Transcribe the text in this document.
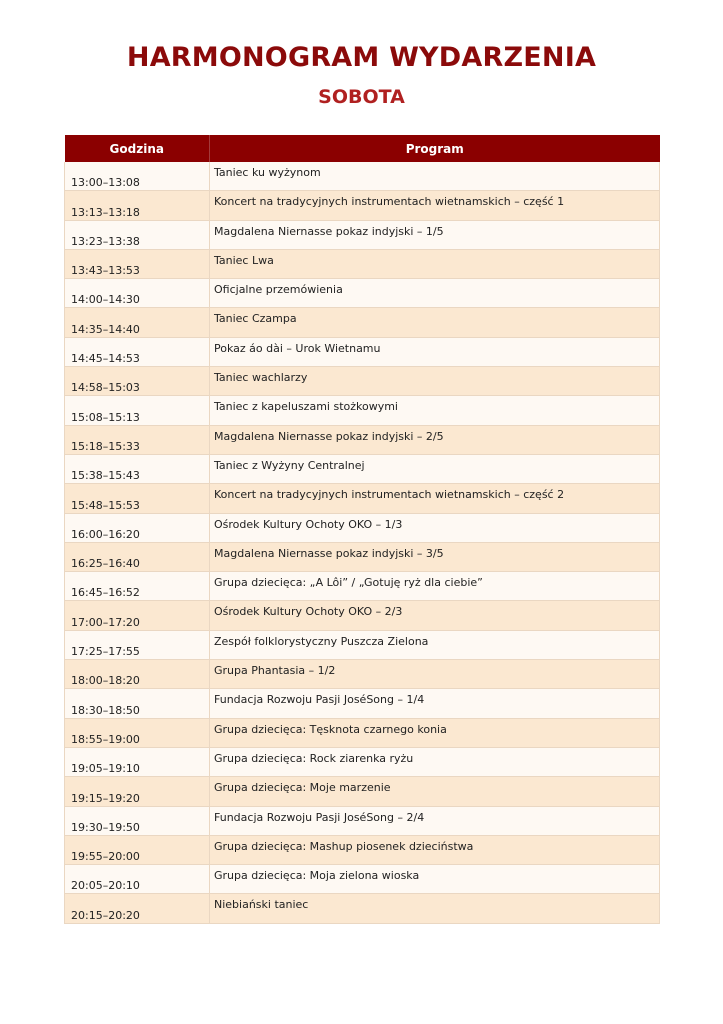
HARMONOGRAM WYDARZENIA
SOBOTA
Godzina	Program
13:00–13:08	Taniec ku wyżynom
13:13–13:18	Koncert na tradycyjnych instrumentach wietnamskich – część 1
13:23–13:38	Magdalena Niernasse pokaz indyjski – 1/5
13:43–13:53	Taniec Lwa
14:00–14:30	Oficjalne przemówienia
14:35–14:40	Taniec Czampa
14:45–14:53	Pokaz áo dài – Urok Wietnamu
14:58–15:03	Taniec wachlarzy
15:08–15:13	Taniec z kapeluszami stożkowymi
15:18–15:33	Magdalena Niernasse pokaz indyjski – 2/5
15:38–15:43	Taniec z Wyżyny Centralnej
15:48–15:53	Koncert na tradycyjnych instrumentach wietnamskich – część 2
16:00–16:20	Ośrodek Kultury Ochoty OKO – 1/3
16:25–16:40	Magdalena Niernasse pokaz indyjski – 3/5
16:45–16:52	Grupa dziecięca: „A Lôi” / „Gotuję ryż dla ciebie”
17:00–17:20	Ośrodek Kultury Ochoty OKO – 2/3
17:25–17:55	Zespół folklorystyczny Puszcza Zielona
18:00–18:20	Grupa Phantasia – 1/2
18:30–18:50	Fundacja Rozwoju Pasji JoséSong – 1/4
18:55–19:00	Grupa dziecięca: Tęsknota czarnego konia
19:05–19:10	Grupa dziecięca: Rock ziarenka ryżu
19:15–19:20	Grupa dziecięca: Moje marzenie
19:30–19:50	Fundacja Rozwoju Pasji JoséSong – 2/4
19:55–20:00	Grupa dziecięca: Mashup piosenek dzieciństwa
20:05–20:10	Grupa dziecięca: Moja zielona wioska
20:15–20:20	Niebiański taniec
